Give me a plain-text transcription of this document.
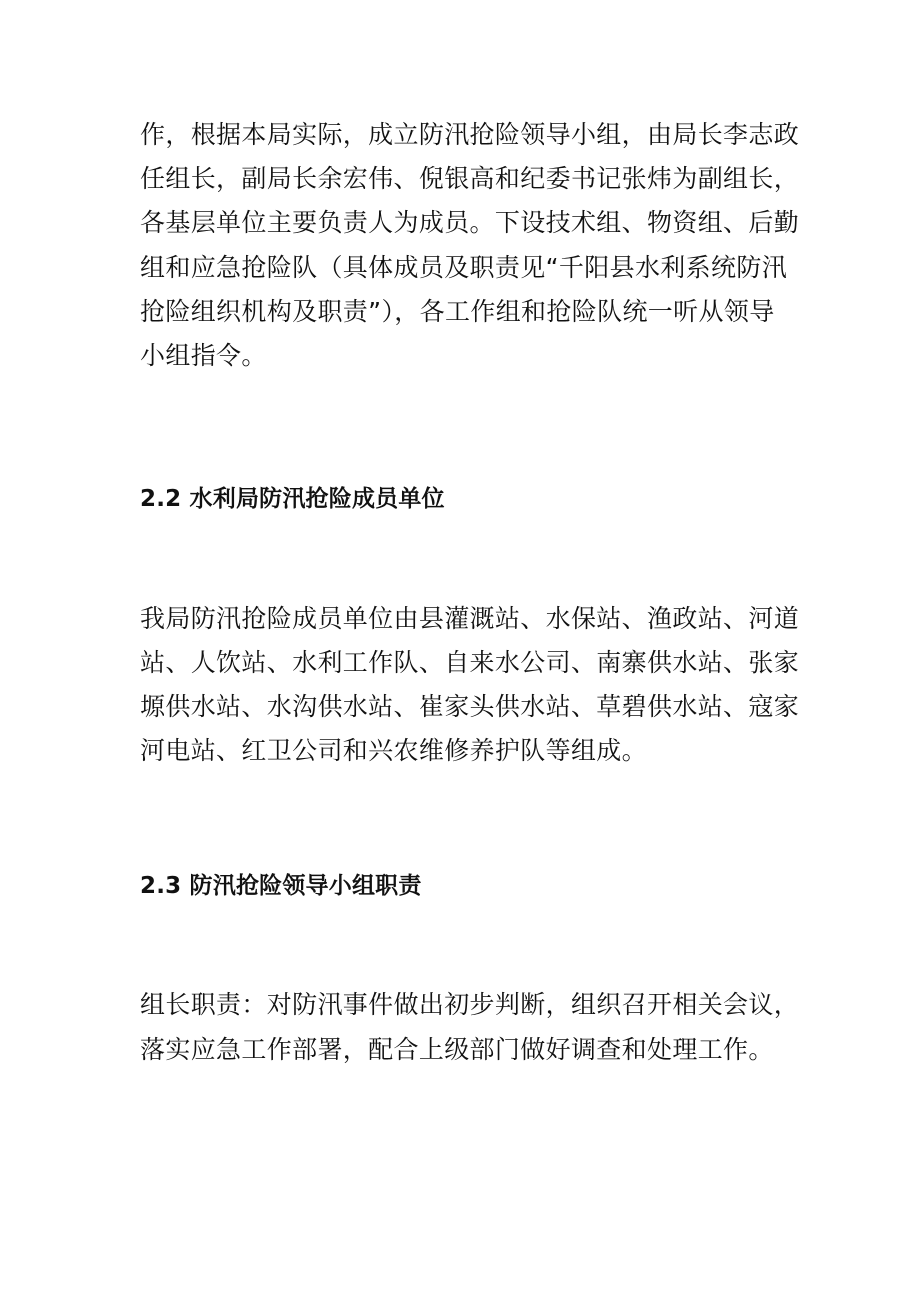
作，根据本局实际，成立防汛抢险领导小组，由局长李志政

任组长，副局长余宏伟、倪银高和纪委书记张炜为副组长，

各基层单位主要负责人为成员。下设技术组、物资组、后勤

组和应急抢险队（具体成员及职责见“千阳县水利系统防汛

抢险组织机构及职责”），各工作组和抢险队统一听从领导

小组指令。

2.2 水利局防汛抢险成员单位

我局防汛抢险成员单位由县灌溉站、水保站、渔政站、河道

站、人饮站、水利工作队、自来水公司、南寨供水站、张家

塬供水站、水沟供水站、崔家头供水站、草碧供水站、寇家

河电站、红卫公司和兴农维修养护队等组成。

2.3 防汛抢险领导小组职责

组长职责：对防汛事件做出初步判断，组织召开相关会议，

落实应急工作部署，配合上级部门做好调查和处理工作。
